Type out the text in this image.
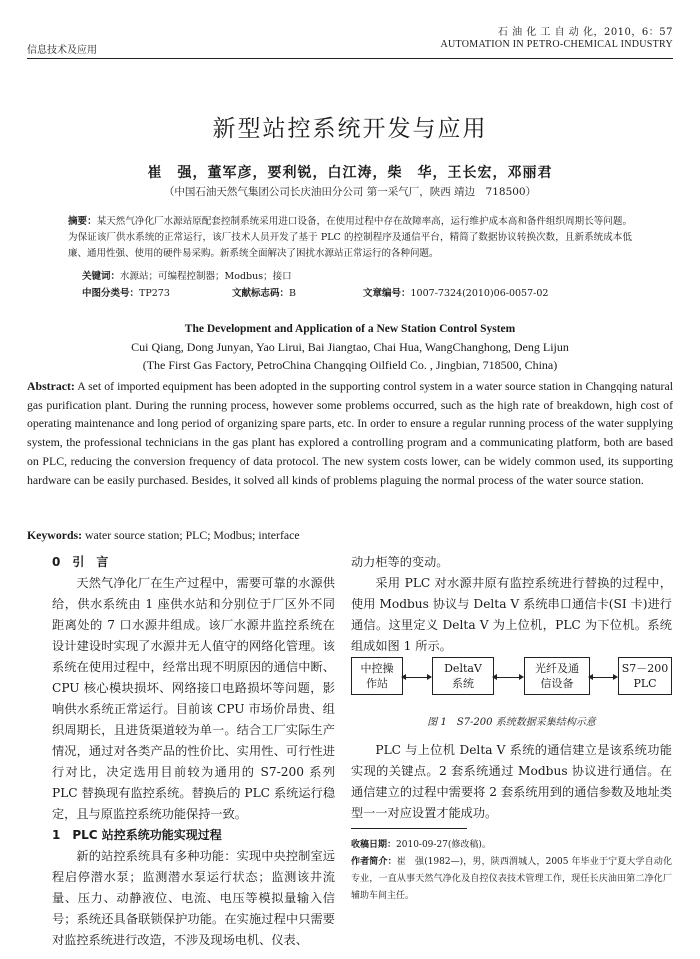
信息技术及应用
石 油 化 工 自 动 化，2010，6：57
AUTOMATION IN PETRO-CHEMICAL INDUSTRY
新型站控系统开发与应用
崔　强，董军彦，要利锐，白江涛，柴　华，王长宏，邓丽君
（中国石油天然气集团公司长庆油田分公司 第一采气厂，陕西 靖边　718500）
摘要：某天然气净化厂水源站原配套控制系统采用进口设备，在使用过程中存在故障率高，运行维护成本高和备件组织周期长等问题。为保证该厂供水系统的正常运行，该厂技术人员开发了基于 PLC 的控制程序及通信平台，精简了数据协议转换次数，且新系统成本低廉、通用性强、使用的硬件易采购。新系统全面解决了困扰水源站正常运行的各种问题。
关键词：水源站；可编程控制器；Modbus；接口
中图分类号：TP273	文献标志码：B	文章编号：1007-7324(2010)06-0057-02
The Development and Application of a New Station Control System
Cui Qiang, Dong Junyan, Yao Lirui, Bai Jiangtao, Chai Hua, WangChanghong, Deng Lijun
(The First Gas Factory, PetroChina Changqing Oilfield Co. , Jingbian, 718500, China)
Abstract: A set of imported equipment has been adopted in the supporting control system in a water source station in Changqing natural gas purification plant. During the running process, however some problems occurred, such as the high rate of breakdown, high cost of operating maintenance and long period of organizing spare parts, etc. In order to ensure a regular running process of the water supplying system, the professional technicians in the gas plant has explored a controlling program and a communicating platform, both are based on PLC, reducing the conversion frequency of data protocol. The new system costs lower, can be widely common used, its supporting hardware can be easily purchased. Besides, it solved all kinds of problems plaguing the normal process of the water source station.
Keywords: water source station; PLC; Modbus; interface

0　引　言

天然气净化厂在生产过程中，需要可靠的水源供给，供水系统由 1 座供水站和分别位于厂区外不同距离处的 7 口水源井组成。该厂水源井监控系统在设计建设时实现了水源井无人值守的网络化管理。该系统在使用过程中，经常出现不明原因的通信中断、CPU 核心模块损坏、网络接口电路损坏等问题，影响供水系统正常运行。目前该 CPU 市场价昂贵、组织周期长，且进货渠道较为单一。结合工厂实际生产情况，通过对各类产品的性价比、实用性、可行性进行对比，决定选用目前较为通用的 S7-200 系列 PLC 替换现有监控系统。替换后的 PLC 系统运行稳定，且与原监控系统功能保持一致。

1　PLC 站控系统功能实现过程

新的站控系统具有多种功能：实现中央控制室远程启停潜水泵；监测潜水泵运行状态；监测该井流量、压力、动静液位、电流、电压等模拟量输入信号；系统还具备联锁保护功能。在实施过程中只需要对监控系统进行改造，不涉及现场电机、仪表、

动力柜等的变动。

采用 PLC 对水源井原有监控系统进行替换的过程中，使用 Modbus 协议与 Delta V 系统串口通信卡(SI 卡)进行通信。这里定义 Delta V 为上位机，PLC 为下位机。系统组成如图 1 所示。

中控操
作站
DeltaV
系统
光纤及通
信设备
S7－200
PLC
图 1　S7-200 系统数据采集结构示意

PLC 与上位机 Delta V 系统的通信建立是该系统功能实现的关键点。2 套系统通过 Modbus 协议进行通信。在通信建立的过程中需要将 2 套系统用到的通信参数及地址类型一一对应设置才能成功。

收稿日期：2010-09-27(修改稿)。
作者简介：崔　强(1982—)，男，陕西渭城人，2005 年毕业于宁夏大学自动化专业，一直从事天然气净化及自控仪表技术管理工作，现任长庆油田第二净化厂辅助车间主任。
